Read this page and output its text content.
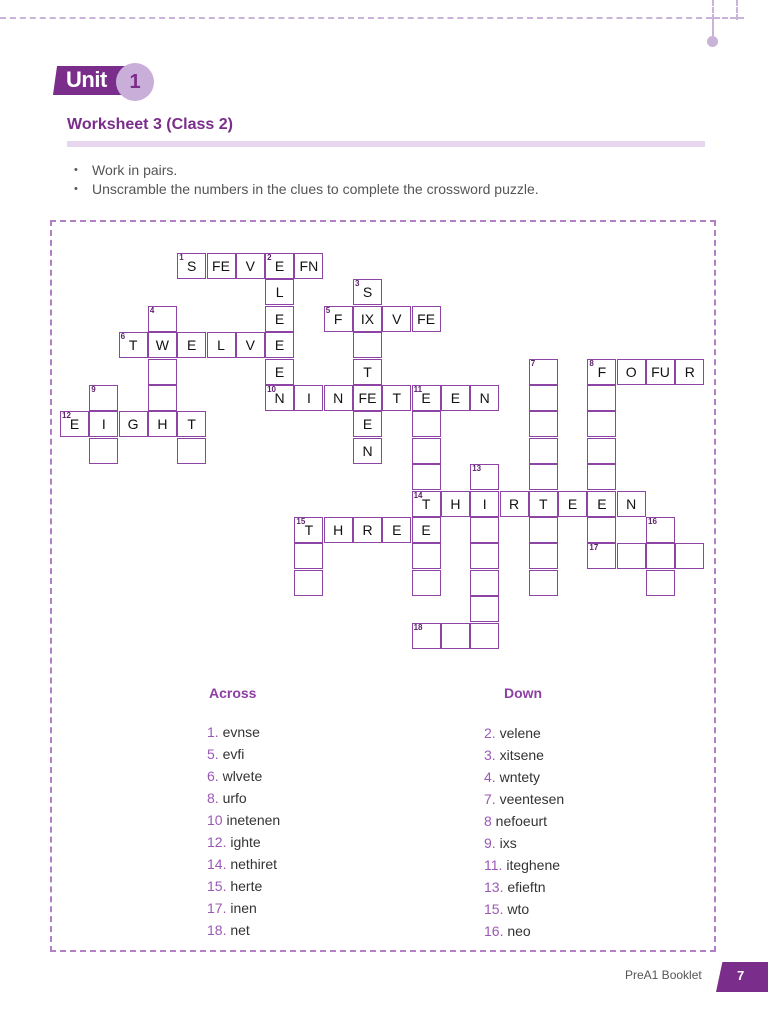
Unit	1
Worksheet 3 (Class 2)
• Work in pairs.
• Unscramble the numbers in the clues to complete the crossword puzzle.
1
S	FE	V
2
E	FN
L
3
S
4
E
5
F	IX	V	FE
6
T	W	E	L	V	E
E	T
7	8
F	O	FU	R
9	10
N	I	N	FE	T
11
E	E	N
12
E	I	G	H	T	E
N
13
14
T	H	I	R	T	E	E	N
15
T	H	R	E	E
16
17
18
Across	Down
1. evnse
5. evfi
6. wlvete
8. urfo
10 inetenen
12. ighte
14. nethiret
15. herte
17. inen
18. net
2. velene
3. xitsene
4. wntety
7. veentesen
8 nefoeurt
9. ixs
11. iteghene
13. efieftn
15. wto
16. neo
PreA1 Booklet	7
